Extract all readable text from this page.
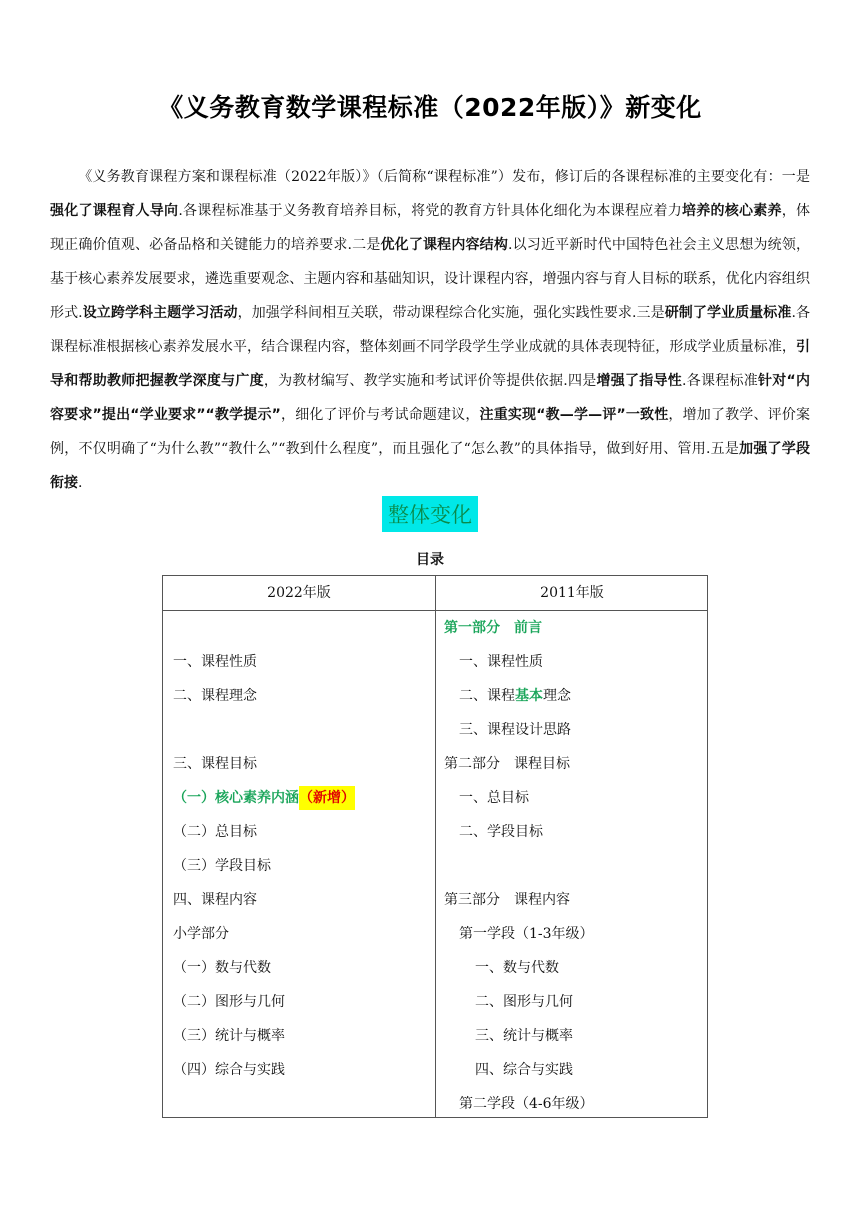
《义务教育数学课程标准（2022年版）》新变化

《义务教育课程方案和课程标准（2022年版）》（后简称“课程标准”）发布，修订后的各课程标准的主要变化有：一是强化了课程育人导向.各课程标准基于义务教育培养目标，将党的教育方针具体化细化为本课程应着力培养的核心素养，体现正确价值观、必备品格和关键能力的培养要求.二是优化了课程内容结构.以习近平新时代中国特色社会主义思想为统领，基于核心素养发展要求，遴选重要观念、主题内容和基础知识，设计课程内容，增强内容与育人目标的联系，优化内容组织形式.设立跨学科主题学习活动，加强学科间相互关联，带动课程综合化实施，强化实践性要求.三是研制了学业质量标准.各课程标准根据核心素养发展水平，结合课程内容，整体刻画不同学段学生学业成就的具体表现特征，形成学业质量标准，引导和帮助教师把握教学深度与广度，为教材编写、教学实施和考试评价等提供依据.四是增强了指导性.各课程标准针对“内容要求”提出“学业要求”“教学提示”，细化了评价与考试命题建议，注重实现“教—学—评”一致性，增加了教学、评价案例，不仅明确了“为什么教”“教什么”“教到什么程度”，而且强化了“怎么教”的具体指导，做到好用、管用.五是加强了学段衔接.

整体变化
目录
2022年版	2011年版
一、课程性质
二、课程理念
三、课程目标
（一）核心素养内涵（新增）
（二）总目标
（三）学段目标
四、课程内容
小学部分
（一）数与代数
（二）图形与几何
（三）统计与概率
（四）综合与实践
第一部分　前言
一、课程性质
二、课程基本理念
三、课程设计思路
第二部分　课程目标
一、总目标
二、学段目标
第三部分　课程内容
第一学段（1-3年级）
一、数与代数
二、图形与几何
三、统计与概率
四、综合与实践
第二学段（4-6年级）
